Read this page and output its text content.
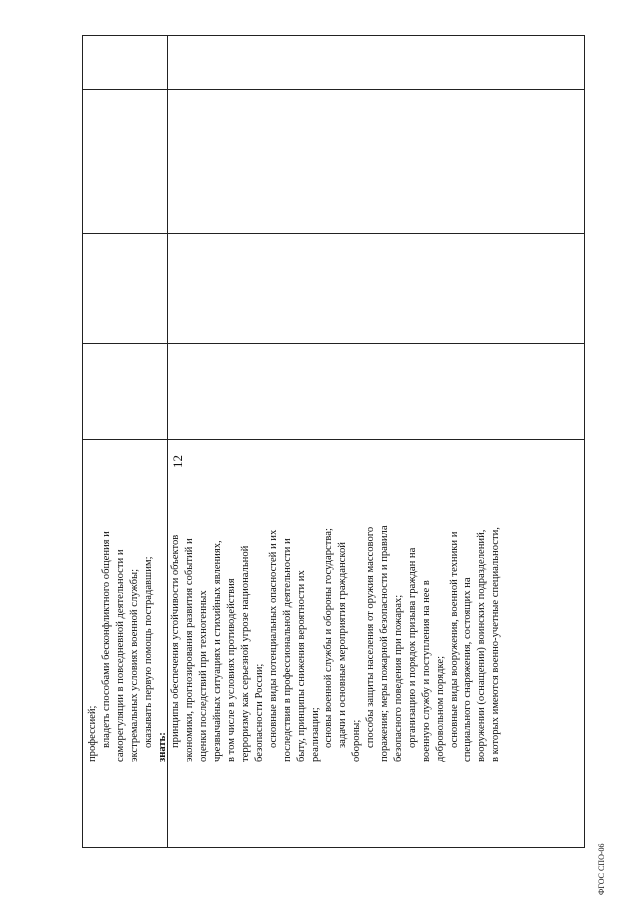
12
профессией; владеть способами бесконфликтного общения и саморегуляции в повседневной деятельности и экстремальных условиях военной службы; оказывать первую помощь пострадавшим; знать: принципы обеспечения устойчивости объектов экономики, прогнозирования развития событий и оценки последствий при техногенных чрезвычайных ситуациях и стихийных явлениях, в том числе в условиях противодействия терроризму как серьезной угрозе национальной безопасности России; основные виды потенциальных опасностей и их последствия в профессиональной деятельности и быту, принципы снижения вероятности их реализации; основы военной службы и обороны государства; задачи и основные мероприятия гражданской обороны; способы защиты населения от оружия массового поражения; меры пожарной безопасности и правила безопасного поведения при пожарах; организацию и порядок призыва граждан на военную службу и поступления на нее в добровольном порядке; основные виды вооружения, военной техники и специального снаряжения, состоящих на вооружении (оснащении) воинских подразделений, в которых имеются военно-учетные специальности,
ФГОС СПО-06
